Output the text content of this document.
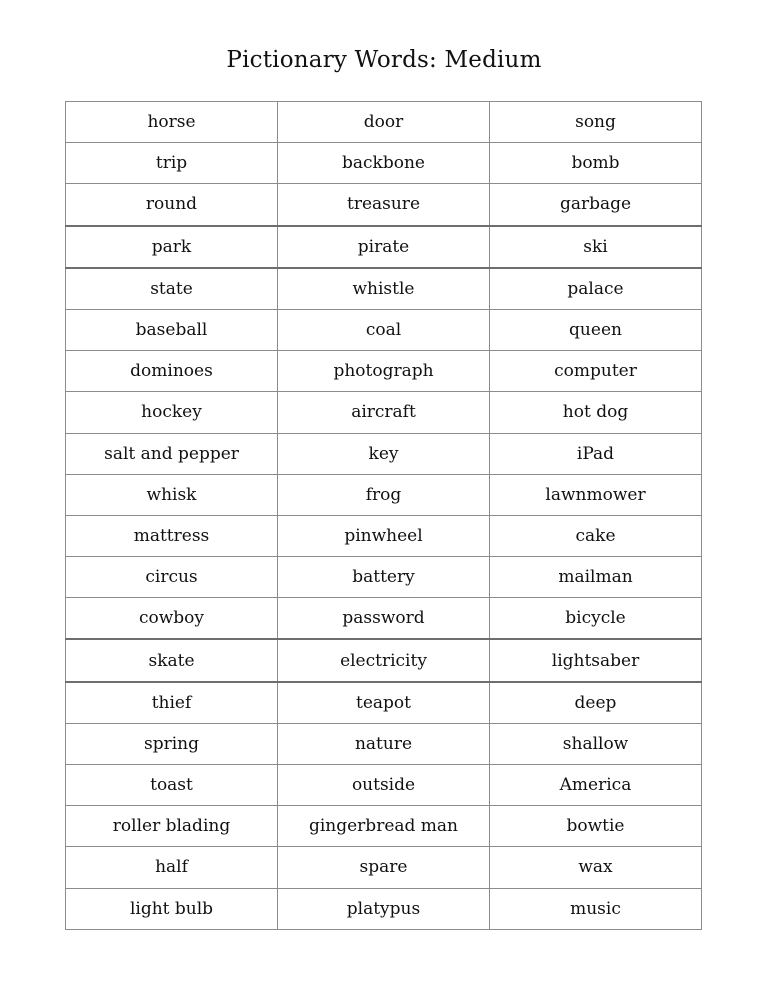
Pictionary Words: Medium
horse	door	song
trip	backbone	bomb
round	treasure	garbage
park	pirate	ski
state	whistle	palace
baseball	coal	queen
dominoes	photograph	computer
hockey	aircraft	hot dog
salt and pepper	key	iPad
whisk	frog	lawnmower
mattress	pinwheel	cake
circus	battery	mailman
cowboy	password	bicycle
skate	electricity	lightsaber
thief	teapot	deep
spring	nature	shallow
toast	outside	America
roller blading	gingerbread man	bowtie
half	spare	wax
light bulb	platypus	music
